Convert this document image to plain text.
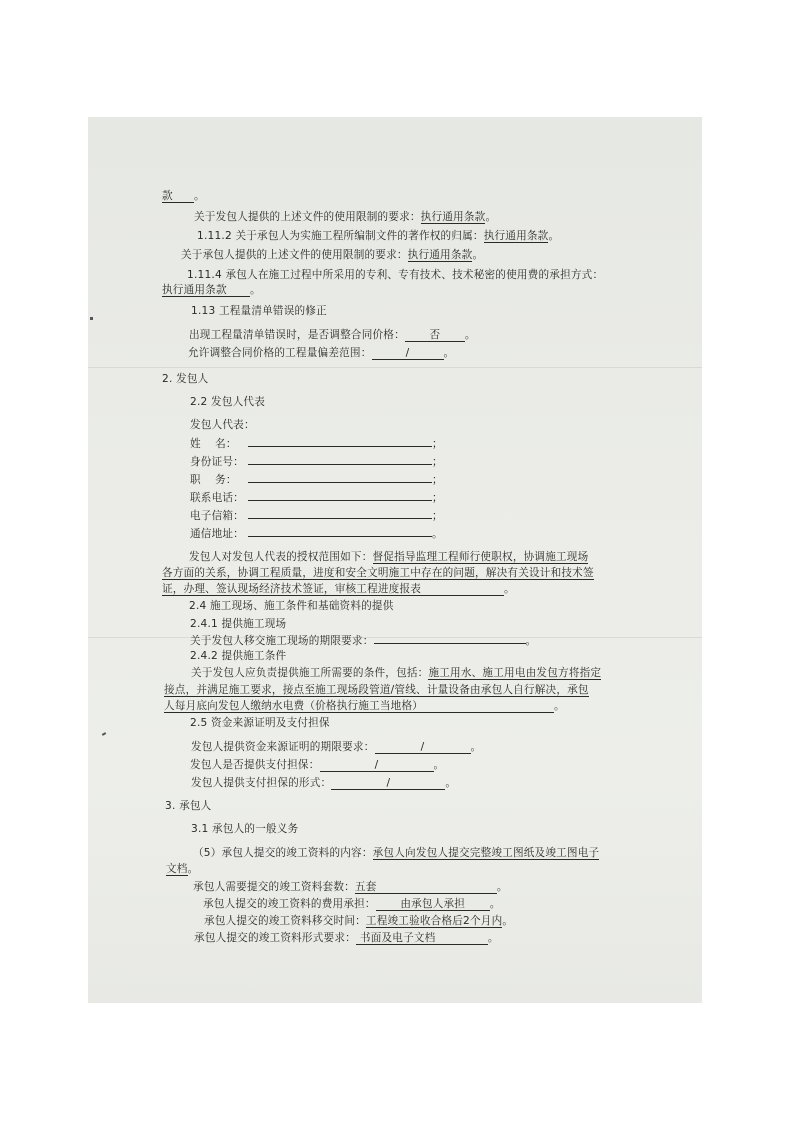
款 。
关于发包人提供的上述文件的使用限制的要求：执行通用条款。
1.11.2 关于承包人为实施工程所编制文件的著作权的归属：执行通用条款。
关于承包人提供的上述文件的使用限制的要求：执行通用条款。
1.11.4 承包人在施工过程中所采用的专利、专有技术、技术秘密的使用费的承担方式：
执行通用条款 。
1.13 工程量清单错误的修正
出现工程量清单错误时，是否调整合同价格： 否 。
允许调整合同价格的工程量偏差范围：	/	。
2. 发包人
2.2 发包人代表
发包人代表：
姓    名：	；
身份证号：	；
职    务：	；
联系电话：	；
电子信箱：	；
通信地址：	。
发包人对发包人代表的授权范围如下：督促指导监理工程师行使职权，协调施工现场
各方面的关系，协调工程质量，进度和安全文明施工中存在的问题，解决有关设计和技术签
证，办理、签认现场经济技术签证，审核工程进度报表	。
2.4 施工现场、施工条件和基础资料的提供
2.4.1 提供施工现场
关于发包人移交施工现场的期限要求：	。
2.4.2 提供施工条件
关于发包人应负责提供施工所需要的条件，包括：施工用水、施工用电由发包方将指定
接点，并满足施工要求，接点至施工现场段管道/管线、计量设备由承包人自行解决，承包
人每月底向发包人缴纳水电费（价格执行施工当地格）	。
2.5 资金来源证明及支付担保
发包人提供资金来源证明的期限要求：	/	。
发包人是否提供支付担保：	/	。
发包人提供支付担保的形式：	/	。
3. 承包人
3.1 承包人的一般义务
（5）承包人提交的竣工资料的内容：承包人向发包人提交完整竣工图纸及竣工图电子
文档。
承包人需要提交的竣工资料套数：五套	。
承包人提交的竣工资料的费用承担： 由承包人承担 。
承包人提交的竣工资料移交时间：工程竣工验收合格后2个月内。
承包人提交的竣工资料形式要求： 书面及电子文档	。
